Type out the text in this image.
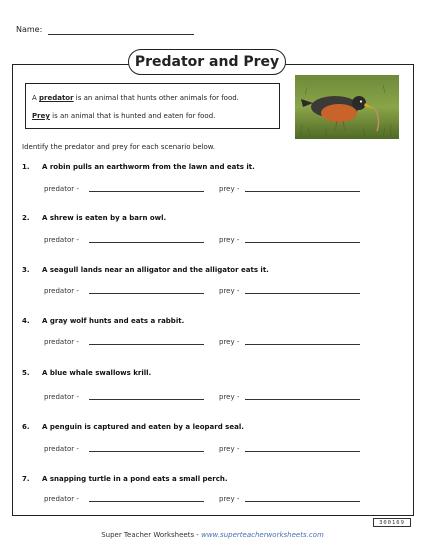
Name:
Predator and Prey
A predator is an animal that hunts other animals for food.
Prey is an animal that is hunted and eaten for food.
Identify the predator and prey for each scenario below.
1. A robin pulls an earthworm from the lawn and eats it.
predator -	prey -
2. A shrew is eaten by a barn owl.
predator -	prey -
3. A seagull lands near an alligator and the alligator eats it.
predator -	prey -
4. A gray wolf hunts and eats a rabbit.
predator -	prey -
5. A blue whale swallows krill.
predator -	prey -
6. A penguin is captured and eaten by a leopard seal.
predator -	prey -
7. A snapping turtle in a pond eats a small perch.
predator -	prey -
300169
Super Teacher Worksheets - www.superteacherworksheets.com
